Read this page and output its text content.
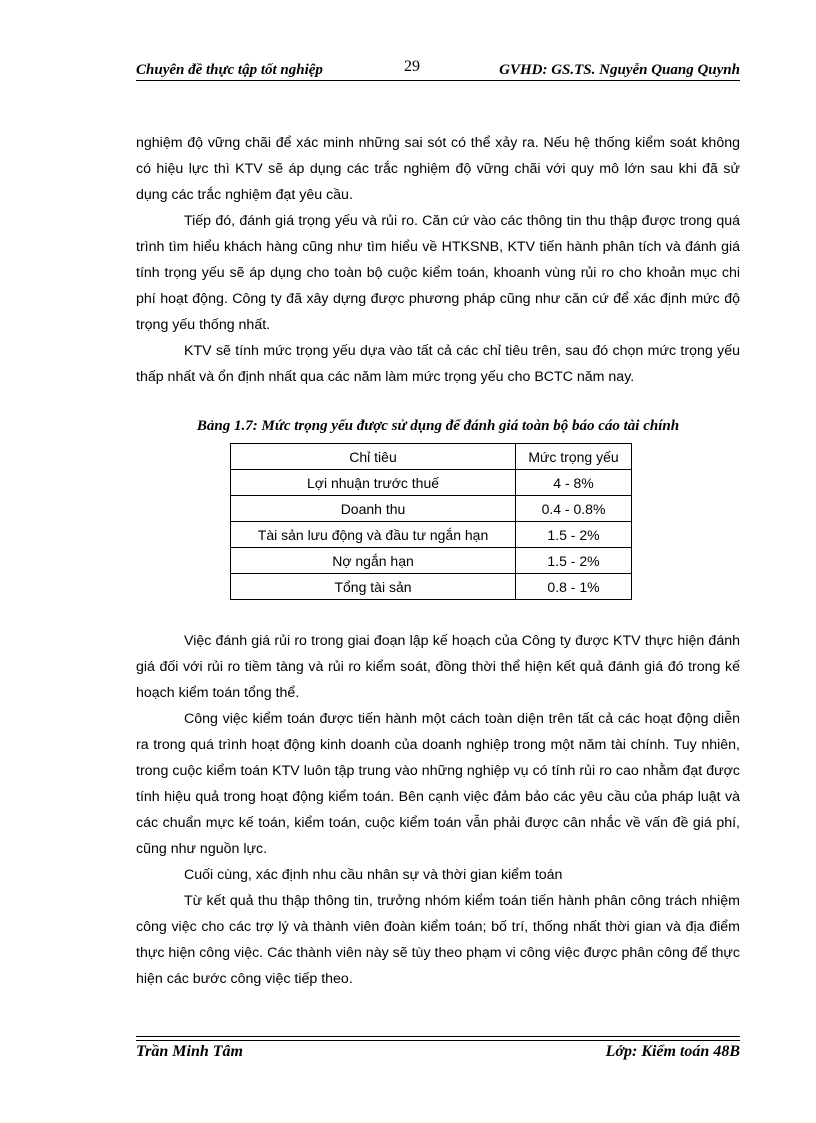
Chuyên đề thực tập tốt nghiệp	29	GVHD: GS.TS. Nguyễn Quang Quynh

nghiệm độ vững chãi để xác minh những sai sót có thể xảy ra. Nếu hệ thống kiểm soát không có hiệu lực thì KTV sẽ áp dụng các trắc nghiệm độ vững chãi với quy mô lớn sau khi đã sử dụng các trắc nghiệm đạt yêu cầu.

Tiếp đó, đánh giá trọng yếu và rủi ro. Căn cứ vào các thông tin thu thập được trong quá trình tìm hiểu khách hàng cũng như tìm hiểu về HTKSNB, KTV tiến hành phân tích và đánh giá tính trọng yếu sẽ áp dụng cho toàn bộ cuộc kiểm toán, khoanh vùng rủi ro cho khoản mục chi phí hoạt động. Công ty đã xây dựng được phương pháp cũng như căn cứ để xác định mức độ trọng yếu thống nhất.

KTV sẽ tính mức trọng yếu dựa vào tất cả các chỉ tiêu trên, sau đó chọn mức trọng yếu thấp nhất và ổn định nhất qua các năm làm mức trọng yếu cho BCTC năm nay.

Bảng 1.7: Mức trọng yếu được sử dụng để đánh giá toàn bộ báo cáo tài chính
Chỉ tiêu	Mức trọng yếu
Lợi nhuận trước thuế	4 - 8%
Doanh thu	0.4 - 0.8%
Tài sản lưu động và đầu tư ngắn hạn	1.5 - 2%
Nợ ngắn hạn	1.5 - 2%
Tổng tài sản	0.8 - 1%

Việc đánh giá rủi ro trong giai đoạn lập kế hoạch của Công ty được KTV thực hiện đánh giá đối với rủi ro tiềm tàng và rủi ro kiểm soát, đồng thời thể hiện kết quả đánh giá đó trong kế hoạch kiểm toán tổng thể.

Công việc kiểm toán được tiến hành một cách toàn diện trên tất cả các hoạt động diễn ra trong quá trình hoạt động kinh doanh của doanh nghiệp trong một năm tài chính. Tuy nhiên, trong cuộc kiểm toán KTV luôn tập trung vào những nghiệp vụ có tính rủi ro cao nhằm đạt được tính hiệu quả trong hoạt động kiểm toán. Bên cạnh việc đảm bảo các yêu cầu của pháp luật và các chuẩn mực kế toán, kiểm toán, cuộc kiểm toán vẫn phải được cân nhắc về vấn đề giá phí, cũng như nguồn lực.

Cuối cùng, xác định nhu cầu nhân sự và thời gian kiểm toán

Từ kết quả thu thập thông tin, trưởng nhóm kiểm toán tiến hành phân công trách nhiệm công việc cho các trợ lý và thành viên đoàn kiểm toán; bố trí, thống nhất thời gian và địa điểm thực hiện công việc. Các thành viên này sẽ tùy theo phạm vi công việc được phân công để thực hiện các bước công việc tiếp theo.

Trần Minh Tâm	Lớp: Kiểm toán 48B
